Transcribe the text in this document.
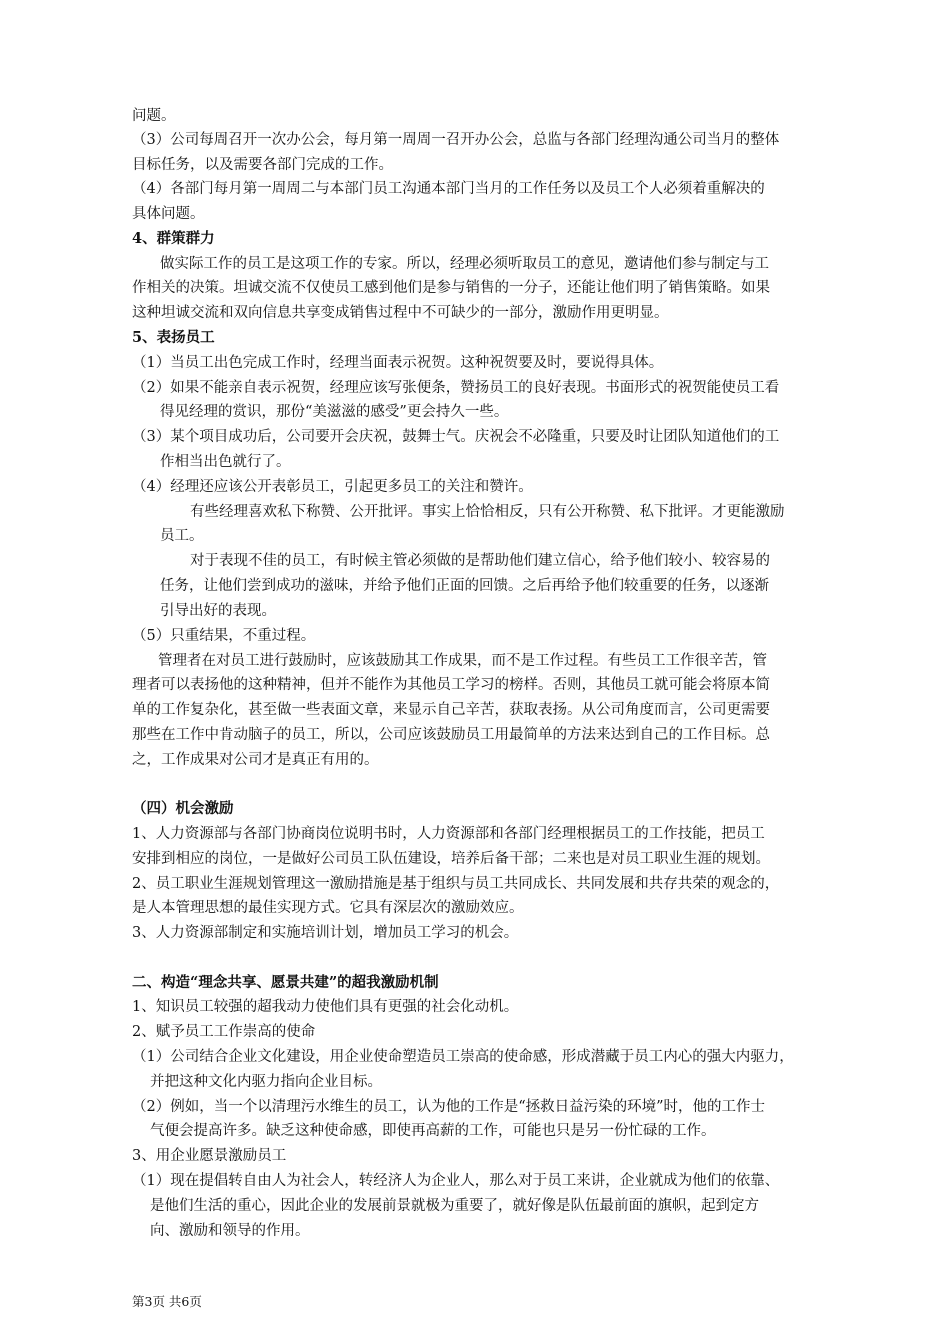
问题。
（3）公司每周召开一次办公会，每月第一周周一召开办公会，总监与各部门经理沟通公司当月的整体
目标任务，以及需要各部门完成的工作。
（4）各部门每月第一周周二与本部门员工沟通本部门当月的工作任务以及员工个人必须着重解决的
具体问题。
4、群策群力
做实际工作的员工是这项工作的专家。所以，经理必须听取员工的意见，邀请他们参与制定与工
作相关的决策。坦诚交流不仅使员工感到他们是参与销售的一分子，还能让他们明了销售策略。如果
这种坦诚交流和双向信息共享变成销售过程中不可缺少的一部分，激励作用更明显。
5、表扬员工
（1）当员工出色完成工作时，经理当面表示祝贺。这种祝贺要及时，要说得具体。
（2）如果不能亲自表示祝贺，经理应该写张便条，赞扬员工的良好表现。书面形式的祝贺能使员工看
得见经理的赏识，那份“美滋滋的感受”更会持久一些。
（3）某个项目成功后，公司要开会庆祝，鼓舞士气。庆祝会不必隆重，只要及时让团队知道他们的工
作相当出色就行了。
（4）经理还应该公开表彰员工，引起更多员工的关注和赞许。
有些经理喜欢私下称赞、公开批评。事实上恰恰相反，只有公开称赞、私下批评。才更能激励
员工。
对于表现不佳的员工，有时候主管必须做的是帮助他们建立信心，给予他们较小、较容易的
任务，让他们尝到成功的滋味，并给予他们正面的回馈。之后再给予他们较重要的任务，以逐渐
引导出好的表现。
（5）只重结果，不重过程。
管理者在对员工进行鼓励时，应该鼓励其工作成果，而不是工作过程。有些员工工作很辛苦，管
理者可以表扬他的这种精神，但并不能作为其他员工学习的榜样。否则，其他员工就可能会将原本简
单的工作复杂化，甚至做一些表面文章，来显示自己辛苦，获取表扬。从公司角度而言，公司更需要
那些在工作中肯动脑子的员工，所以，公司应该鼓励员工用最简单的方法来达到自己的工作目标。总
之，工作成果对公司才是真正有用的。
（四）机会激励
1、人力资源部与各部门协商岗位说明书时，人力资源部和各部门经理根据员工的工作技能，把员工
安排到相应的岗位，一是做好公司员工队伍建设，培养后备干部；二来也是对员工职业生涯的规划。
2、员工职业生涯规划管理这一激励措施是基于组织与员工共同成长、共同发展和共存共荣的观念的，
是人本管理思想的最佳实现方式。它具有深层次的激励效应。
3、人力资源部制定和实施培训计划，增加员工学习的机会。
二、构造“理念共享、愿景共建”的超我激励机制
1、知识员工较强的超我动力使他们具有更强的社会化动机。
2、赋予员工工作崇高的使命
（1）公司结合企业文化建设，用企业使命塑造员工崇高的使命感，形成潜藏于员工内心的强大内驱力，
并把这种文化内驱力指向企业目标。
（2）例如，当一个以清理污水维生的员工，认为他的工作是“拯救日益污染的环境”时，他的工作士
气便会提高许多。缺乏这种使命感，即使再高薪的工作，可能也只是另一份忙碌的工作。
3、用企业愿景激励员工
（1）现在提倡转自由人为社会人，转经济人为企业人，那么对于员工来讲，企业就成为他们的依靠、
是他们生活的重心，因此企业的发展前景就极为重要了，就好像是队伍最前面的旗帜，起到定方
向、激励和领导的作用。
第3页 共6页
